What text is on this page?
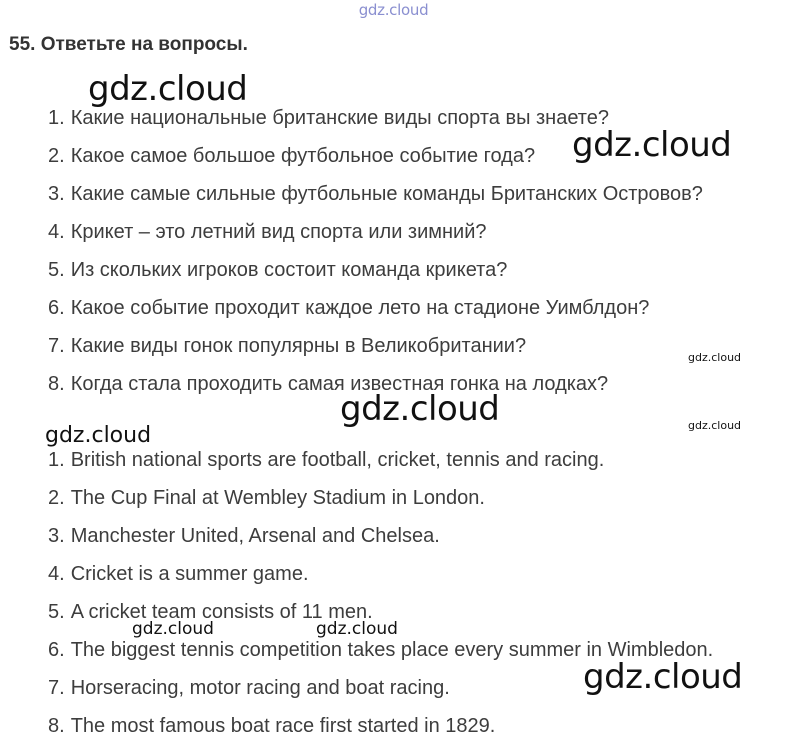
gdz.cloud
55. Ответьте на вопросы.
1. Какие национальные британские виды спорта вы знаете?
2. Какое самое большое футбольное событие года?
3. Какие самые сильные футбольные команды Британских Островов?
4. Крикет – это летний вид спорта или зимний?
5. Из скольких игроков состоит команда крикета?
6. Какое событие проходит каждое лето на стадионе Уимблдон?
7. Какие виды гонок популярны в Великобритании?
8. Когда стала проходить самая известная гонка на лодках?
1. British national sports are football, cricket, tennis and racing.
2. The Cup Final at Wembley Stadium in London.
3. Manchester United, Arsenal and Chelsea.
4. Cricket is a summer game.
5. A cricket team consists of 11 men.
6. The biggest tennis competition takes place every summer in Wimbledon.
7. Horseracing, motor racing and boat racing.
8. The most famous boat race first started in 1829.
gdz.cloud
gdz.cloud
gdz.cloud
gdz.cloud	gdz.cloud
gdz.cloud
gdz.cloud	gdz.cloud
gdz.cloud
